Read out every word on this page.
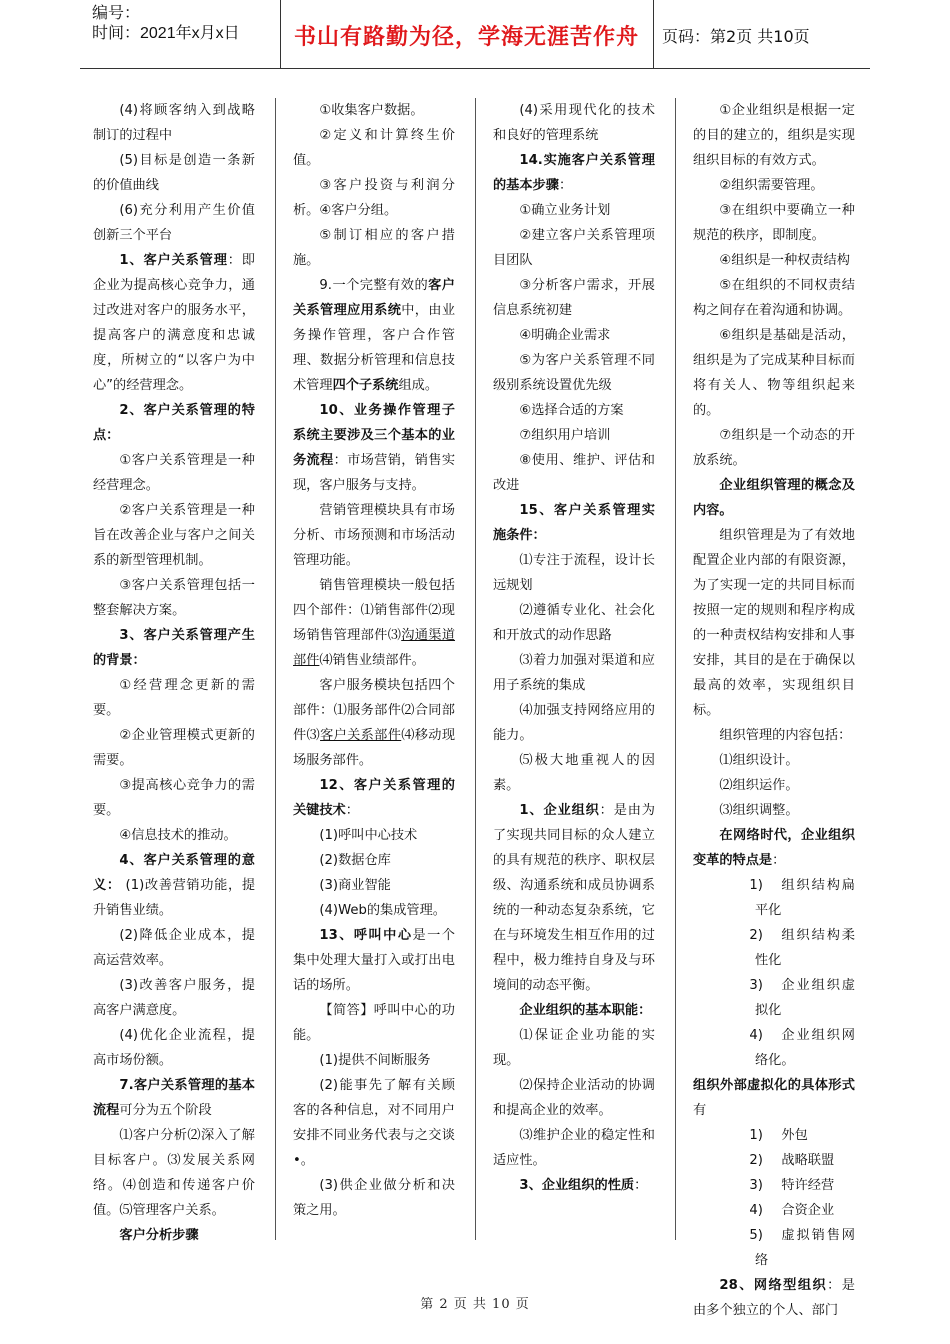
编号：
时间：2021年x月x日	书山有路勤为径，学海无涯苦作舟	页码：第2页 共10页

(4)将顾客纳入到战略制订的过程中

(5)目标是创造一条新的价值曲线

(6)充分利用产生价值创新三个平台

1、客户关系管理：即企业为提高核心竞争力，通过改进对客户的服务水平，提高客户的满意度和忠诚度，所树立的“以客户为中心”的经营理念。

2、客户关系管理的特点：

①客户关系管理是一种经营理念。

②客户关系管理是一种旨在改善企业与客户之间关系的新型管理机制。

③客户关系管理包括一整套解决方案。

3、客户关系管理产生的背景：

①经营理念更新的需要。

②企业管理模式更新的需要。

③提高核心竞争力的需要。

④信息技术的推动。

4、客户关系管理的意义： (1)改善营销功能，提升销售业绩。

(2)降低企业成本，提高运营效率。

(3)改善客户服务，提高客户满意度。

(4)优化企业流程，提高市场份额。

7.客户关系管理的基本流程可分为五个阶段

⑴客户分析⑵深入了解目标客户。⑶发展关系网络。⑷创造和传递客户价值。⑸管理客户关系。

客户分析步骤

①收集客户数据。

②定义和计算终生价值。

③客户投资与利润分析。④客户分组。

⑤制订相应的客户措施。

9.一个完整有效的客户关系管理应用系统中，由业务操作管理，客户合作管理、数据分析管理和信息技术管理四个子系统组成。

10、业务操作管理子系统主要涉及三个基本的业务流程：市场营销，销售实现，客户服务与支持。

营销管理模块具有市场分析、市场预测和市场活动管理功能。

销售管理模块一般包括四个部件：⑴销售部件⑵现场销售管理部件⑶沟通渠道部件⑷销售业绩部件。

客户服务模块包括四个部件：⑴服务部件⑵合同部件⑶客户关系部件⑷移动现场服务部件。

12、客户关系管理的关键技术：

(1)呼叫中心技术

(2)数据仓库

(3)商业智能

(4)Web的集成管理。

13、呼叫中心是一个集中处理大量打入或打出电话的场所。

【简答】呼叫中心的功能。

(1)提供不间断服务

(2)能事先了解有关顾客的各种信息，对不同用户安排不同业务代表与之交谈•。

(3)供企业做分析和决策之用。

(4)采用现代化的技术和良好的管理系统

14.实施客户关系管理的基本步骤：

①确立业务计划

②建立客户关系管理项目团队

③分析客户需求，开展信息系统初建

④明确企业需求

⑤为客户关系管理不同级别系统设置优先级

⑥选择合适的方案

⑦组织用户培训

⑧使用、维护、评估和改进

15、客户关系管理实施条件：

⑴专注于流程，设计长远规划

⑵遵循专业化、社会化和开放式的动作思路

⑶着力加强对渠道和应用子系统的集成

⑷加强支持网络应用的能力。

⑸极大地重视人的因素。

1、企业组织：是由为了实现共同目标的众人建立的具有规范的秩序、职权层级、沟通系统和成员协调系统的一种动态复杂系统，它在与环境发生相互作用的过程中，极力维持自身及与环境间的动态平衡。

企业组织的基本职能：

⑴保证企业功能的实现。

⑵保持企业活动的协调和提高企业的效率。

⑶维护企业的稳定性和适应性。

3、企业组织的性质：

①企业组织是根据一定的目的建立的，组织是实现组织目标的有效方式。

②组织需要管理。

③在组织中要确立一种规范的秩序，即制度。

④组织是一种权责结构

⑤在组织的不同权责结构之间存在着沟通和协调。

⑥组织是基础是活动，组织是为了完成某种目标而将有关人、物等组织起来的。

⑦组织是一个动态的开放系统。

企业组织管理的概念及内容。

组织管理是为了有效地配置企业内部的有限资源，为了实现一定的共同目标而按照一定的规则和程序构成的一种责权结构安排和人事安排，其目的是在于确保以最高的效率，实现组织目标。

组织管理的内容包括：

⑴组织设计。

⑵组织运作。

⑶组织调整。

在网络时代，企业组织变革的特点是：

1)	组织结构扁平化

2)	组织结构柔性化

3)	企业组织虚拟化

4)	企业组织网络化。

组织外部虚拟化的具体形式有

1)	外包

2)	战略联盟

3)	特许经营

4)	合资企业

5)	虚拟销售网络

28、网络型组织：是由多个独立的个人、部门

第 2 页 共 10 页
